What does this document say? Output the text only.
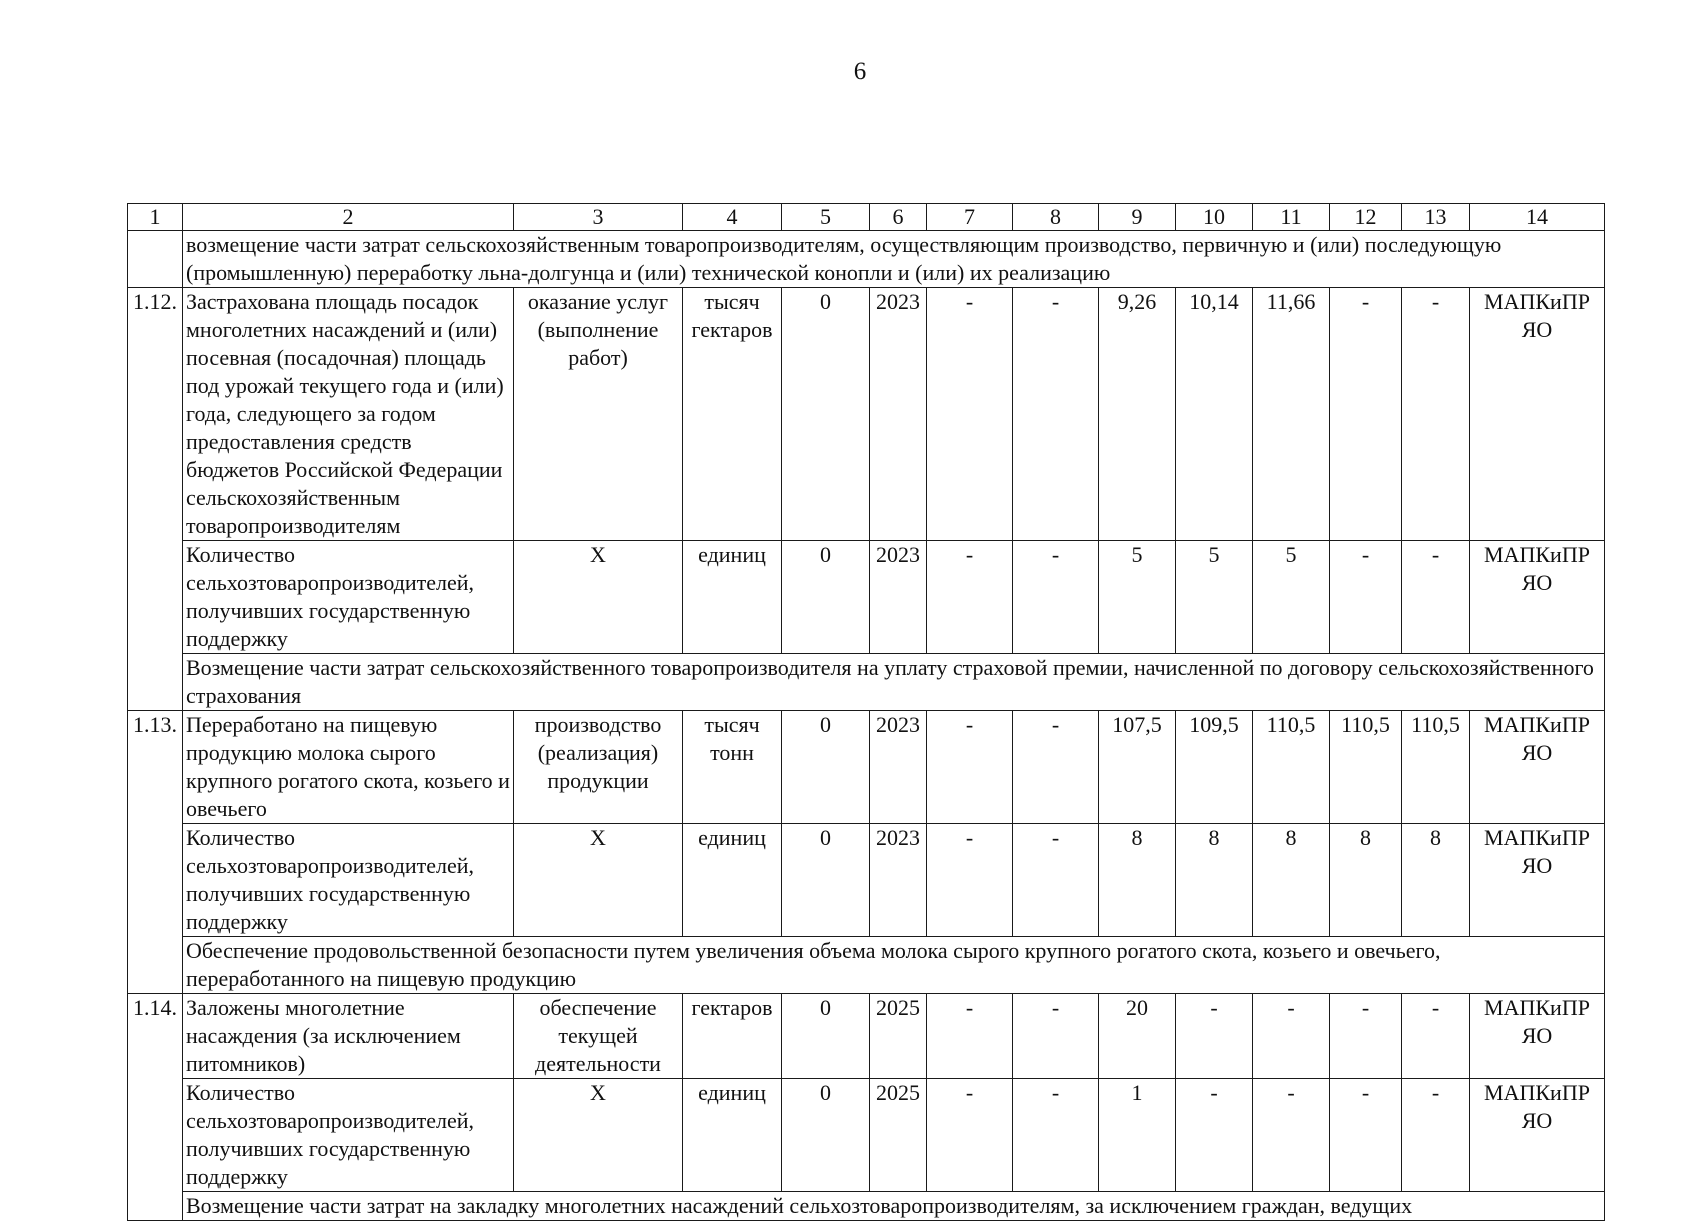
6
1	2	3	4	5	6	7	8	9	10	11	12	13	14
	возмещение части затрат сельскохозяйственным товаропроизводителям, осуществляющим производство, первичную и (или) последующую (промышленную) переработку льна-долгунца и (или) технической конопли и (или) их реализацию												
1.12.	Застрахована площадь посадок многолетних насаждений и (или) посевная (посадочная) площадь под урожай текущего года и (или) года, следующего за годом предоставления средств бюджетов Российской Федерации сельскохозяйственным товаропроизводителям	оказание услуг (выполнение работ)	тысяч гектаров	0	2023	-	-	9,26	10,14	11,66	-	-	МАПКиПР ЯО
	Количество сельхозтоваропроизводителей, получивших государственную поддержку	Х	единиц	0	2023	-	-	5	5	5	-	-	МАПКиПР ЯО
	Возмещение части затрат сельскохозяйственного товаропроизводителя на уплату страховой премии, начисленной по договору сельскохозяйственного страхования												
1.13.	Переработано на пищевую продукцию молока сырого крупного рогатого скота, козьего и овечьего	производство (реализация) продукции	тысяч тонн	0	2023	-	-	107,5	109,5	110,5	110,5	110,5	МАПКиПР ЯО
	Количество сельхозтоваропроизводителей, получивших государственную поддержку	Х	единиц	0	2023	-	-	8	8	8	8	8	МАПКиПР ЯО
	Обеспечение продовольственной безопасности путем увеличения объема молока сырого крупного рогатого скота, козьего и овечьего, переработанного на пищевую продукцию												
1.14.	Заложены многолетние насаждения (за исключением питомников)	обеспечение текущей деятельности	гектаров	0	2025	-	-	20	-	-	-	-	МАПКиПР ЯО
	Количество сельхозтоваропроизводителей, получивших государственную поддержку	Х	единиц	0	2025	-	-	1	-	-	-	-	МАПКиПР ЯО
	Возмещение части затрат на закладку многолетних насаждений сельхозтоваропроизводителям, за исключением граждан, ведущих												
